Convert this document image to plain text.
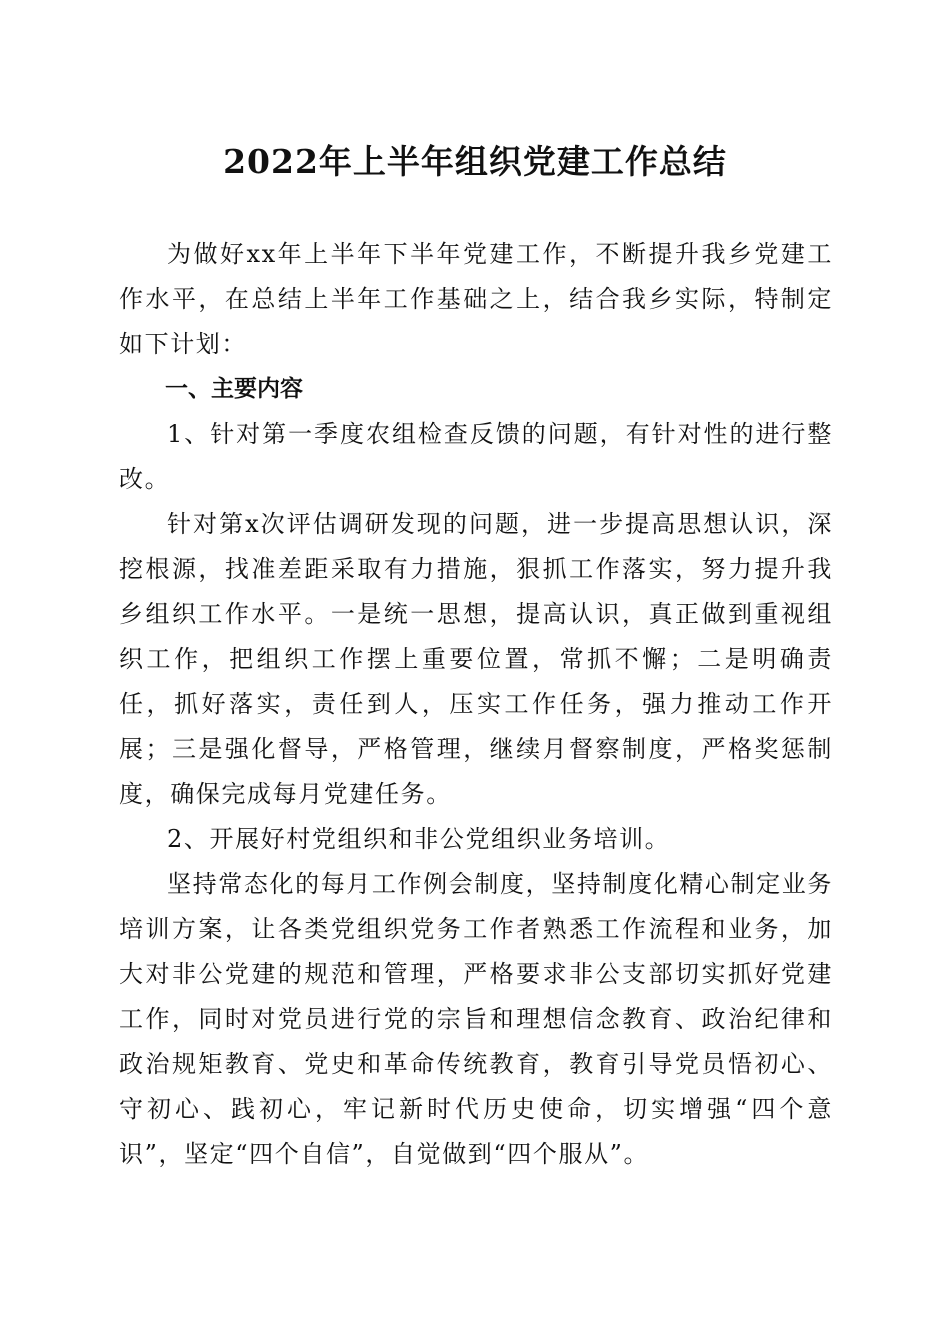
2022年上半年组织党建工作总结

为做好xx年上半年下半年党建工作，不断提升我乡党建工作水平，在总结上半年工作基础之上，结合我乡实际，特制定如下计划：

一、主要内容

1、针对第一季度农组检查反馈的问题，有针对性的进行整改。

针对第x次评估调研发现的问题，进一步提高思想认识，深挖根源，找准差距采取有力措施，狠抓工作落实，努力提升我乡组织工作水平。一是统一思想，提高认识，真正做到重视组织工作，把组织工作摆上重要位置，常抓不懈；二是明确责任，抓好落实，责任到人，压实工作任务，强力推动工作开展；三是强化督导，严格管理，继续月督察制度，严格奖惩制度，确保完成每月党建任务。

2、开展好村党组织和非公党组织业务培训。

坚持常态化的每月工作例会制度，坚持制度化精心制定业务培训方案，让各类党组织党务工作者熟悉工作流程和业务，加大对非公党建的规范和管理，严格要求非公支部切实抓好党建工作，同时对党员进行党的宗旨和理想信念教育、政治纪律和政治规矩教育、党史和革命传统教育，教育引导党员悟初心、守初心、践初心，牢记新时代历史使命，切实增强“四个意识”，坚定“四个自信”，自觉做到“四个服从”。
